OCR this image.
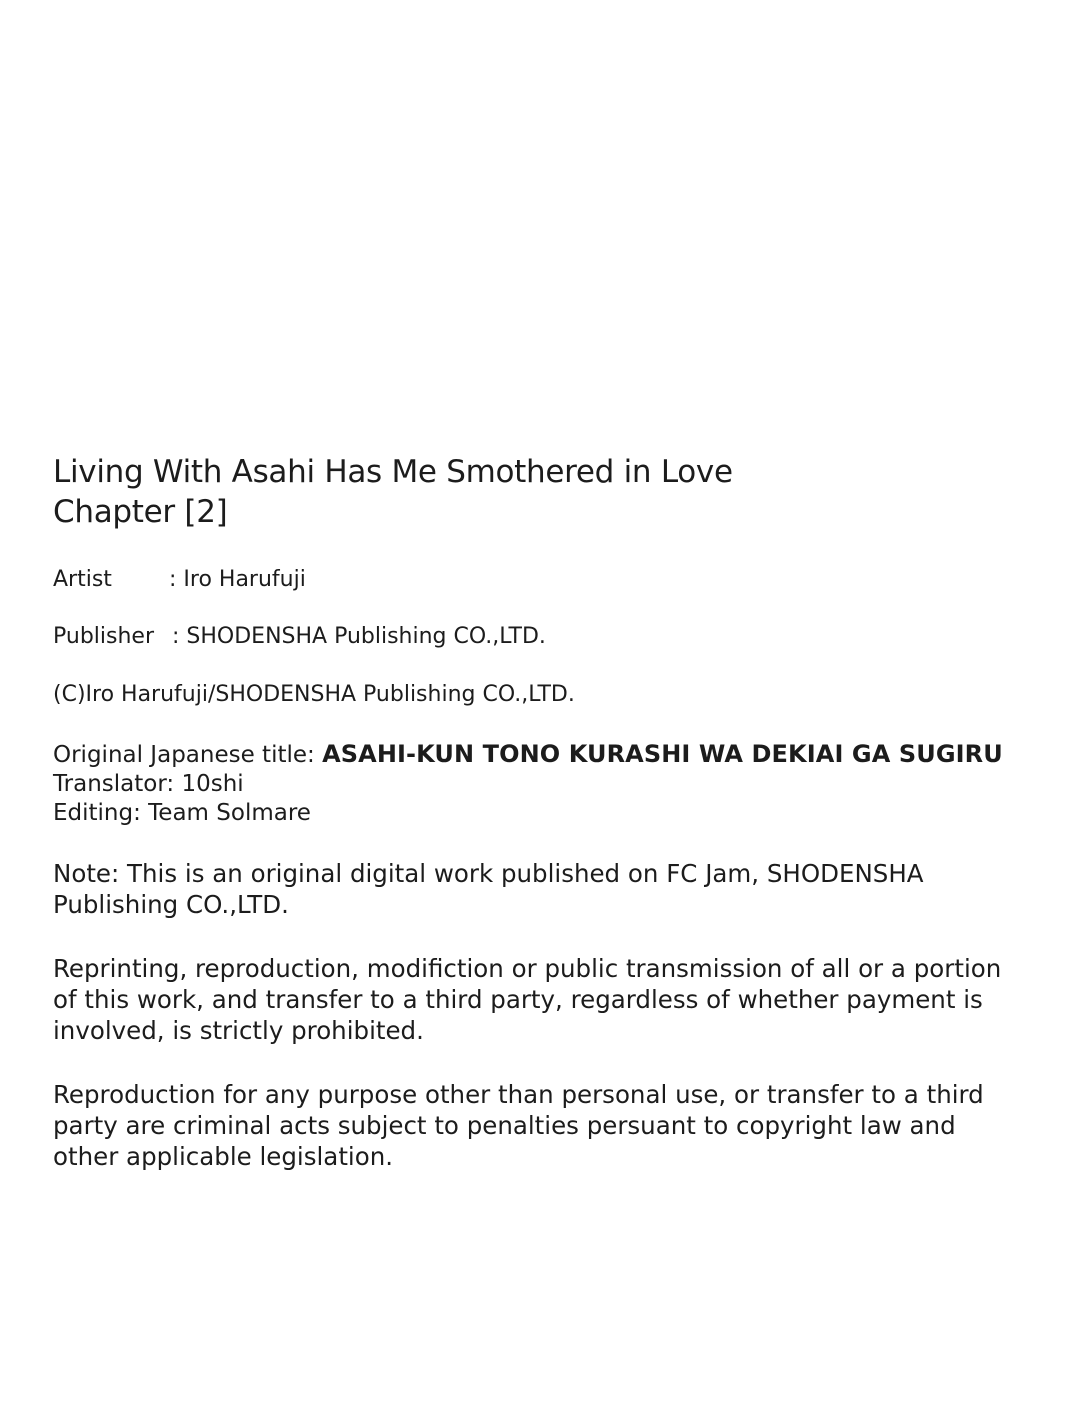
Living With Asahi Has Me Smothered in Love
Chapter [2]
Artist	: Iro Harufuji
Publisher : SHODENSHA Publishing CO.,LTD.
(C)Iro Harufuji/SHODENSHA Publishing CO.,LTD.
Original Japanese title: ASAHI-KUN TONO KURASHI WA DEKIAI GA SUGIRU
Translator: 10shi
Editing: Team Solmare
Note: This is an original digital work published on FC Jam, SHODENSHA
Publishing CO.,LTD.
Reprinting, reproduction, modifiction or public transmission of all or a portion
of this work, and transfer to a third party, regardless of whether payment is
involved, is strictly prohibited.
Reproduction for any purpose other than personal use, or transfer to a third
party are criminal acts subject to penalties persuant to copyright law and
other applicable legislation.
